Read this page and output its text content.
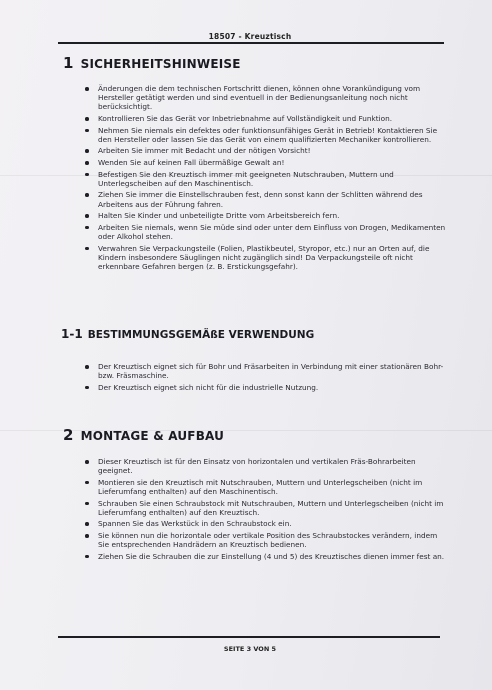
18507 - Kreuztisch
1 SICHERHEITSHINWEISE
Änderungen die dem technischen Fortschritt dienen, können ohne Vorankündigung vom Hersteller getätigt werden und sind eventuell in der Bedienungsanleitung noch nicht berücksichtigt.
Kontrollieren Sie das Gerät vor Inbetriebnahme auf Vollständigkeit und Funktion.
Nehmen Sie niemals ein defektes oder funktionsunfähiges Gerät in Betrieb! Kontaktieren Sie den Hersteller oder lassen Sie das Gerät von einem qualifizierten Mechaniker kontrollieren.
Arbeiten Sie immer mit Bedacht und der nötigen Vorsicht!
Wenden Sie auf keinen Fall übermäßige Gewalt an!
Befestigen Sie den Kreuztisch immer mit geeigneten Nutschrauben, Muttern und Unterlegscheiben auf den Maschinentisch.
Ziehen Sie immer die Einstellschrauben fest, denn sonst kann der Schlitten während des Arbeitens aus der Führung fahren.
Halten Sie Kinder und unbeteiligte Dritte vom Arbeitsbereich fern.
Arbeiten Sie niemals, wenn Sie müde sind oder unter dem Einfluss von Drogen, Medikamenten oder Alkohol stehen.
Verwahren Sie Verpackungsteile (Folien, Plastikbeutel, Styropor, etc.) nur an Orten auf, die Kindern insbesondere Säuglingen nicht zugänglich sind! Da Verpackungsteile oft nicht erkennbare Gefahren bergen (z. B. Erstickungsgefahr).
1-1 BESTIMMUNGSGEMÄßE VERWENDUNG
Der Kreuztisch eignet sich für Bohr und Fräsarbeiten in Verbindung mit einer stationären Bohr- bzw. Fräsmaschine.
Der Kreuztisch eignet sich nicht für die industrielle Nutzung.
2 MONTAGE & AUFBAU
Dieser Kreuztisch ist für den Einsatz von horizontalen und vertikalen Fräs-Bohrarbeiten geeignet.
Montieren sie den Kreuztisch mit Nutschrauben, Muttern und Unterlegscheiben (nicht im Lieferumfang enthalten) auf den Maschinentisch.
Schrauben Sie einen Schraubstock mit Nutschrauben, Muttern und Unterlegscheiben (nicht im Lieferumfang enthalten) auf den Kreuztisch.
Spannen Sie das Werkstück in den Schraubstock ein.
Sie können nun die horizontale oder vertikale Position des Schraubstockes verändern, indem Sie entsprechenden Handrädern an Kreuztisch bedienen.
Ziehen Sie die Schrauben die zur Einstellung (4 und 5) des Kreuztisches dienen immer fest an.
SEITE 3 VON 5
